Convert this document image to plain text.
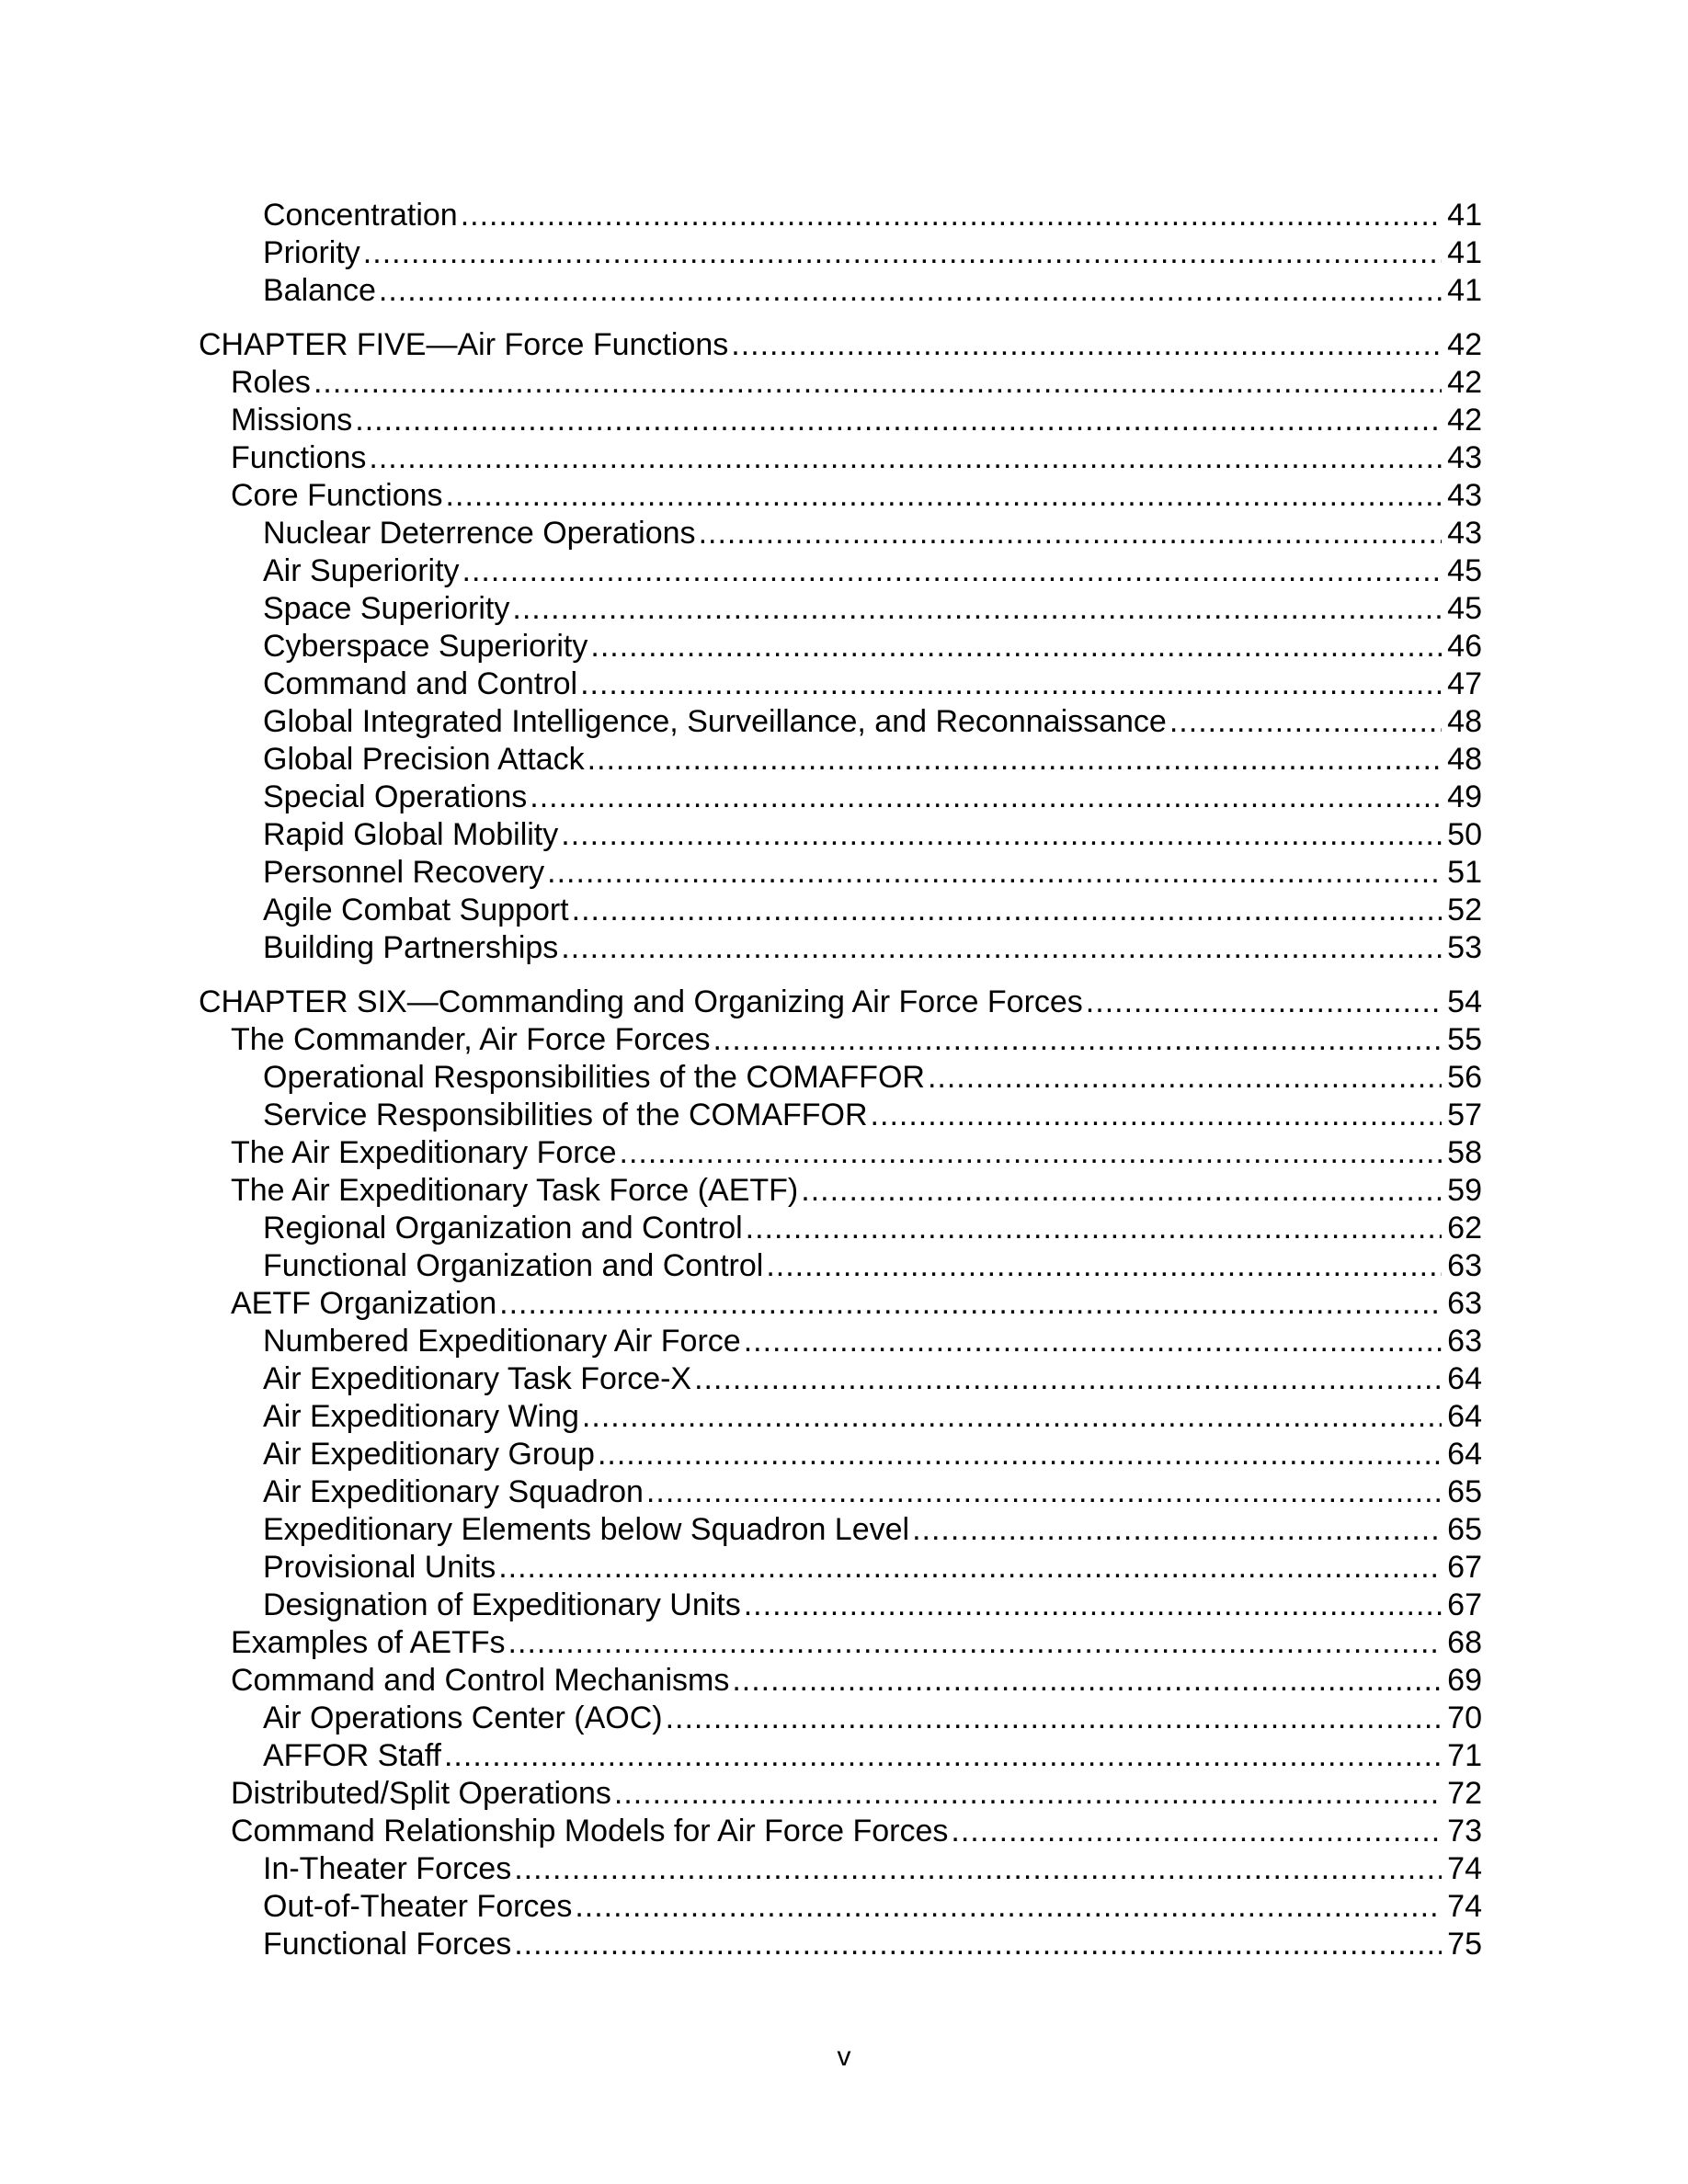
Concentration .....	41
Priority .....	41
Balance .....	41
CHAPTER FIVE—Air Force Functions .....	42
Roles .....	42
Missions .....	42
Functions .....	43
Core Functions .....	43
Nuclear Deterrence Operations .....	43
Air Superiority .....	45
Space Superiority .....	45
Cyberspace Superiority .....	46
Command and Control .....	47
Global Integrated Intelligence, Surveillance, and Reconnaissance .....	48
Global Precision Attack .....	48
Special Operations .....	49
Rapid Global Mobility .....	50
Personnel Recovery .....	51
Agile Combat Support .....	52
Building Partnerships .....	53
CHAPTER SIX—Commanding and Organizing Air Force Forces .....	54
The Commander, Air Force Forces .....	55
Operational Responsibilities of the COMAFFOR .....	56
Service Responsibilities of the COMAFFOR .....	57
The Air Expeditionary Force .....	58
The Air Expeditionary Task Force (AETF) .....	59
Regional Organization and Control .....	62
Functional Organization and Control .....	63
AETF Organization .....	63
Numbered Expeditionary Air Force .....	63
Air Expeditionary Task Force-X .....	64
Air Expeditionary Wing .....	64
Air Expeditionary Group .....	64
Air Expeditionary Squadron .....	65
Expeditionary Elements below Squadron Level .....	65
Provisional Units .....	67
Designation of Expeditionary Units .....	67
Examples of AETFs .....	68
Command and Control Mechanisms .....	69
Air Operations Center (AOC) .....	70
AFFOR Staff .....	71
Distributed/Split Operations .....	72
Command Relationship Models for Air Force Forces .....	73
In-Theater Forces .....	74
Out-of-Theater Forces .....	74
Functional Forces .....	75
v
